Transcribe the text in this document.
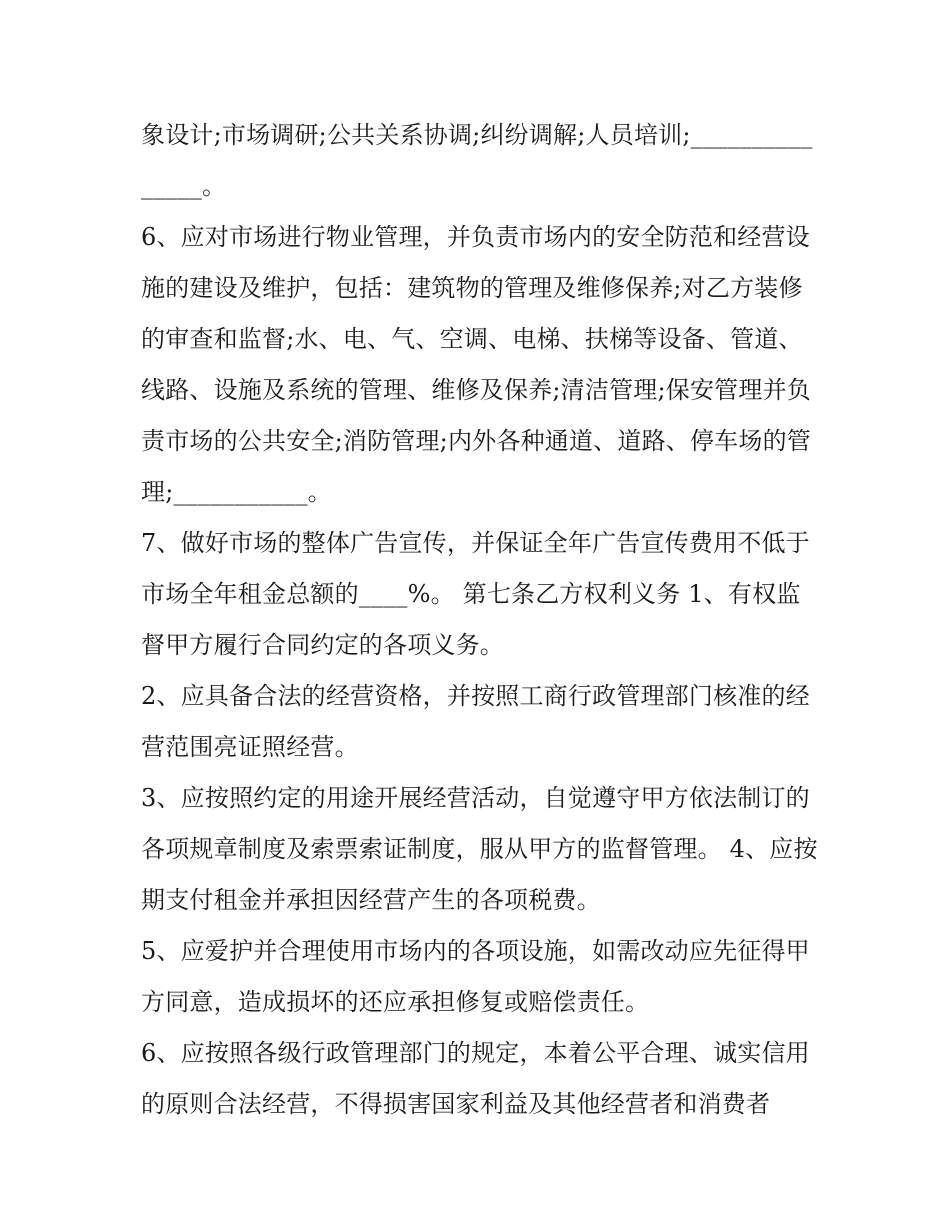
象设计;市场调研;公共关系协调;纠纷调解;人员培训;_______________。

6、应对市场进行物业管理，并负责市场内的安全防范和经营设施的建设及维护，包括：建筑物的管理及维修保养;对乙方装修的审查和监督;水、电、气、空调、电梯、扶梯等设备、管道、线路、设施及系统的管理、维修及保养;清洁管理;保安管理并负责市场的公共安全;消防管理;内外各种通道、道路、停车场的管理;___________。

7、做好市场的整体广告宣传，并保证全年广告宣传费用不低于市场全年租金总额的____%。 第七条乙方权利义务 1、有权监督甲方履行合同约定的各项义务。

2、应具备合法的经营资格，并按照工商行政管理部门核准的经营范围亮证照经营。

3、应按照约定的用途开展经营活动，自觉遵守甲方依法制订的各项规章制度及索票索证制度，服从甲方的监督管理。 4、应按期支付租金并承担因经营产生的各项税费。

5、应爱护并合理使用市场内的各项设施，如需改动应先征得甲方同意，造成损坏的还应承担修复或赔偿责任。

6、应按照各级行政管理部门的规定，本着公平合理、诚实信用的原则合法经营，不得损害国家利益及其他经营者和消费者
